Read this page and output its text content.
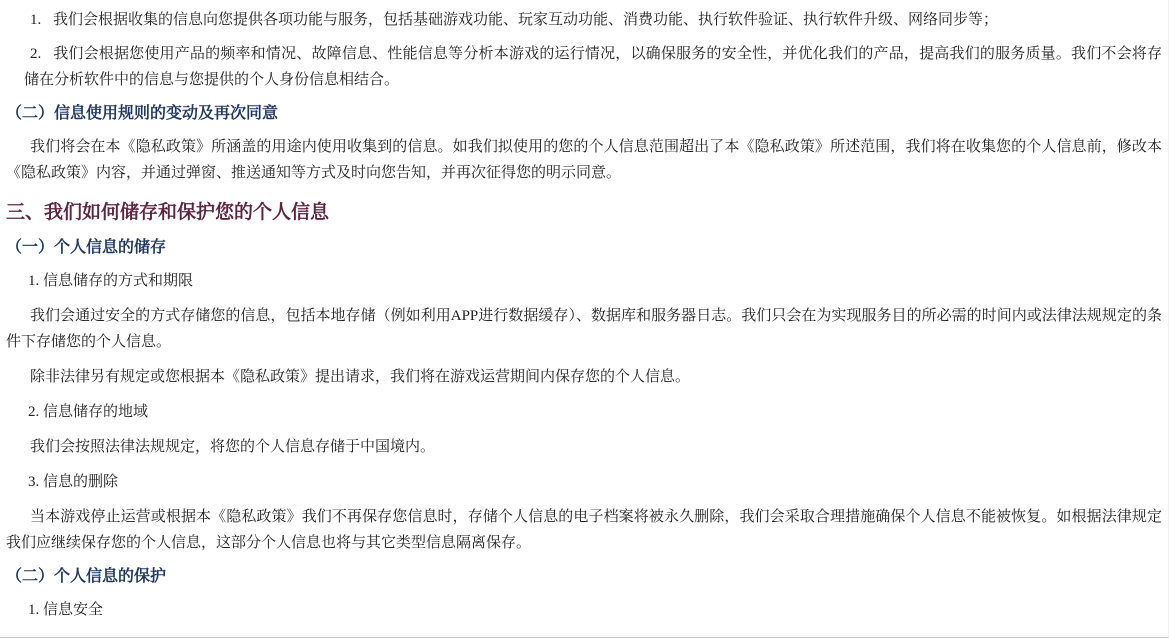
1. 我们会根据收集的信息向您提供各项功能与服务，包括基础游戏功能、玩家互动功能、消费功能、执行软件验证、执行软件升级、网络同步等；
2. 我们会根据您使用产品的频率和情况、故障信息、性能信息等分析本游戏的运行情况，以确保服务的安全性，并优化我们的产品，提高我们的服务质量。我们不会将存储在分析软件中的信息与您提供的个人身份信息相结合。
（二）信息使用规则的变动及再次同意
我们将会在本《隐私政策》所涵盖的用途内使用收集到的信息。如我们拟使用的您的个人信息范围超出了本《隐私政策》所述范围，我们将在收集您的个人信息前，修改本《隐私政策》内容，并通过弹窗、推送通知等方式及时向您告知，并再次征得您的明示同意。
三、我们如何储存和保护您的个人信息
（一）个人信息的储存
1. 信息储存的方式和期限
我们会通过安全的方式存储您的信息，包括本地存储（例如利用APP进行数据缓存）、数据库和服务器日志。我们只会在为实现服务目的所必需的时间内或法律法规规定的条件下存储您的个人信息。
除非法律另有规定或您根据本《隐私政策》提出请求，我们将在游戏运营期间内保存您的个人信息。
2. 信息储存的地域
我们会按照法律法规规定，将您的个人信息存储于中国境内。
3. 信息的删除
当本游戏停止运营或根据本《隐私政策》我们不再保存您信息时，存储个人信息的电子档案将被永久删除，我们会采取合理措施确保个人信息不能被恢复。如根据法律规定我们应继续保存您的个人信息，这部分个人信息也将与其它类型信息隔离保存。
（二）个人信息的保护
1. 信息安全
